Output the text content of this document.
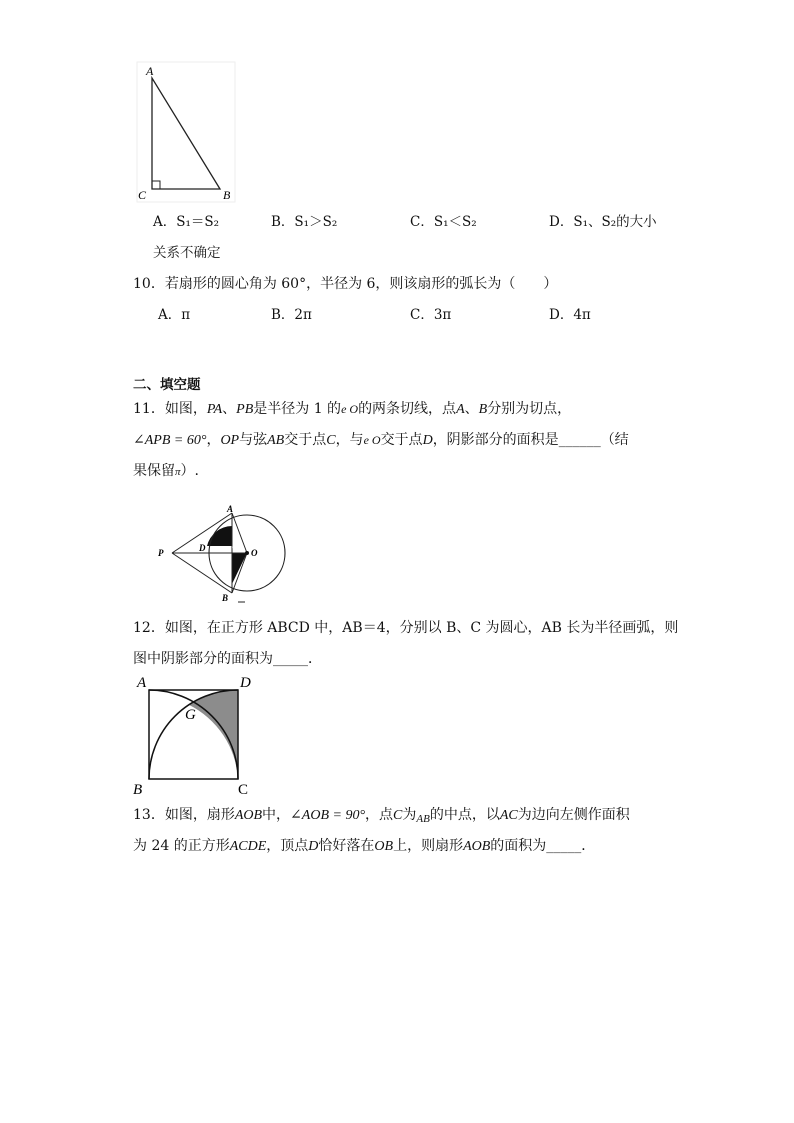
A
C	B
A．S₁＝S₂	B．S₁＞S₂	C．S₁＜S₂	D．S₁、S₂的大小
关系不确定
10．若扇形的圆心角为 60°，半径为 6，则该扇形的弧长为（　　）
A．π	B．2π	C．3π	D．4π
二、填空题
11．如图，PA、PB是半径为 1 的e O的两条切线，点A、B分别为切点，
∠APB = 60°，OP与弦AB交于点C，与e O交于点D，阴影部分的面积是______（结
果保留π）.
A
P	D	C
O
B
12．如图，在正方形 ABCD 中，AB＝4，分别以 B、C 为圆心，AB 长为半径画弧，则
图中阴影部分的面积为_____．
A	D
G
B	C
13．如图，扇形AOB中，∠AOB = 90°，点C为$_{AB}$的中点，以AC为边向左侧作面积
为 24 的正方形ACDE，顶点D恰好落在OB上，则扇形AOB的面积为_____．
